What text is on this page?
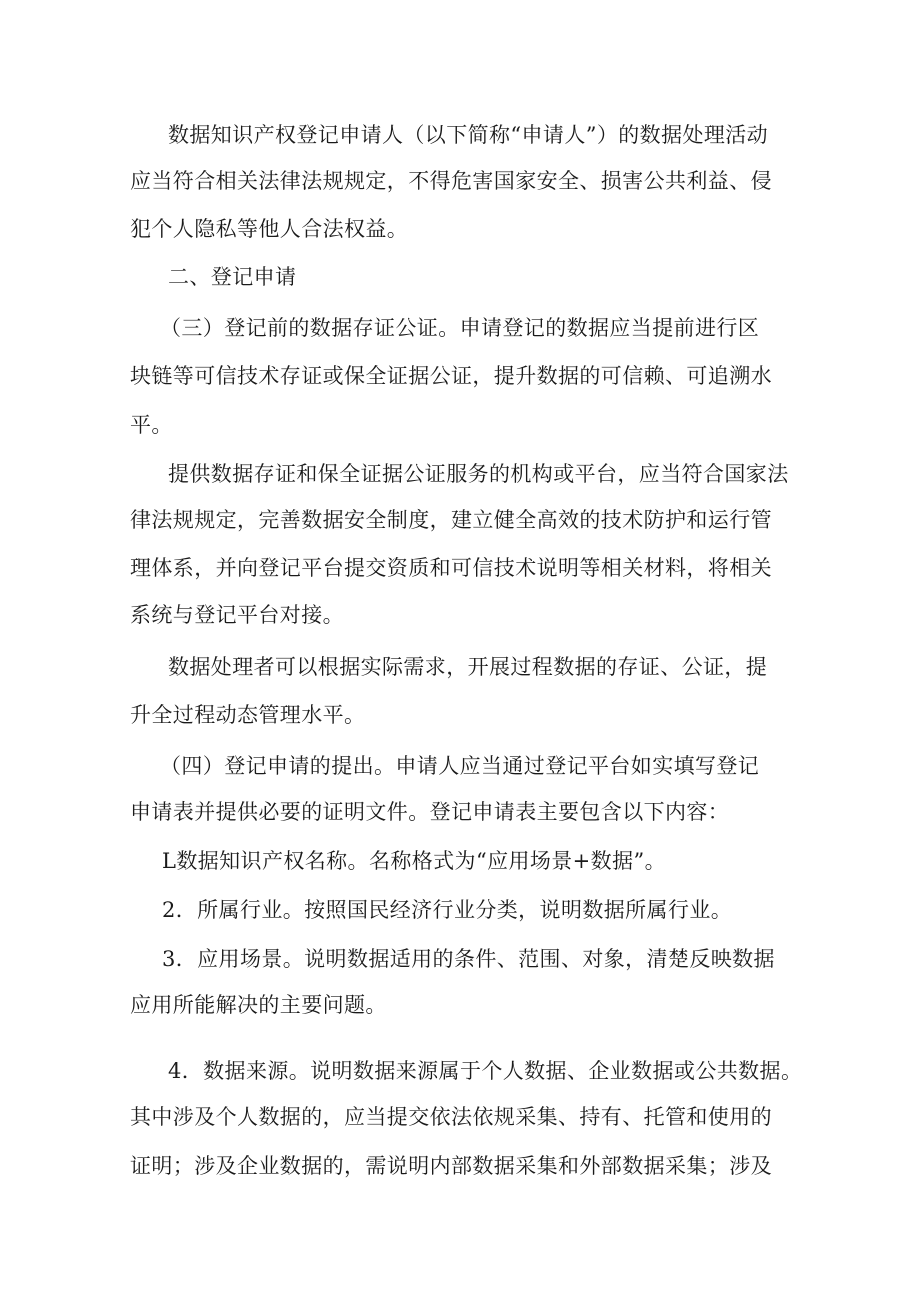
数据知识产权登记申请人（以下简称“申请人”）的数据处理活动
应当符合相关法律法规规定，不得危害国家安全、损害公共利益、侵
犯个人隐私等他人合法权益。
二、登记申请
（三）登记前的数据存证公证。申请登记的数据应当提前进行区
块链等可信技术存证或保全证据公证，提升数据的可信赖、可追溯水
平。
提供数据存证和保全证据公证服务的机构或平台，应当符合国家法
律法规规定，完善数据安全制度，建立健全高效的技术防护和运行管
理体系，并向登记平台提交资质和可信技术说明等相关材料，将相关
系统与登记平台对接。
数据处理者可以根据实际需求，开展过程数据的存证、公证，提
升全过程动态管理水平。
（四）登记申请的提出。申请人应当通过登记平台如实填写登记
申请表并提供必要的证明文件。登记申请表主要包含以下内容：
L数据知识产权名称。名称格式为“应用场景+数据”。
2．所属行业。按照国民经济行业分类，说明数据所属行业。
3．应用场景。说明数据适用的条件、范围、对象，清楚反映数据
应用所能解决的主要问题。
4．数据来源。说明数据来源属于个人数据、企业数据或公共数据。
其中涉及个人数据的，应当提交依法依规采集、持有、托管和使用的
证明；涉及企业数据的，需说明内部数据采集和外部数据采集；涉及
